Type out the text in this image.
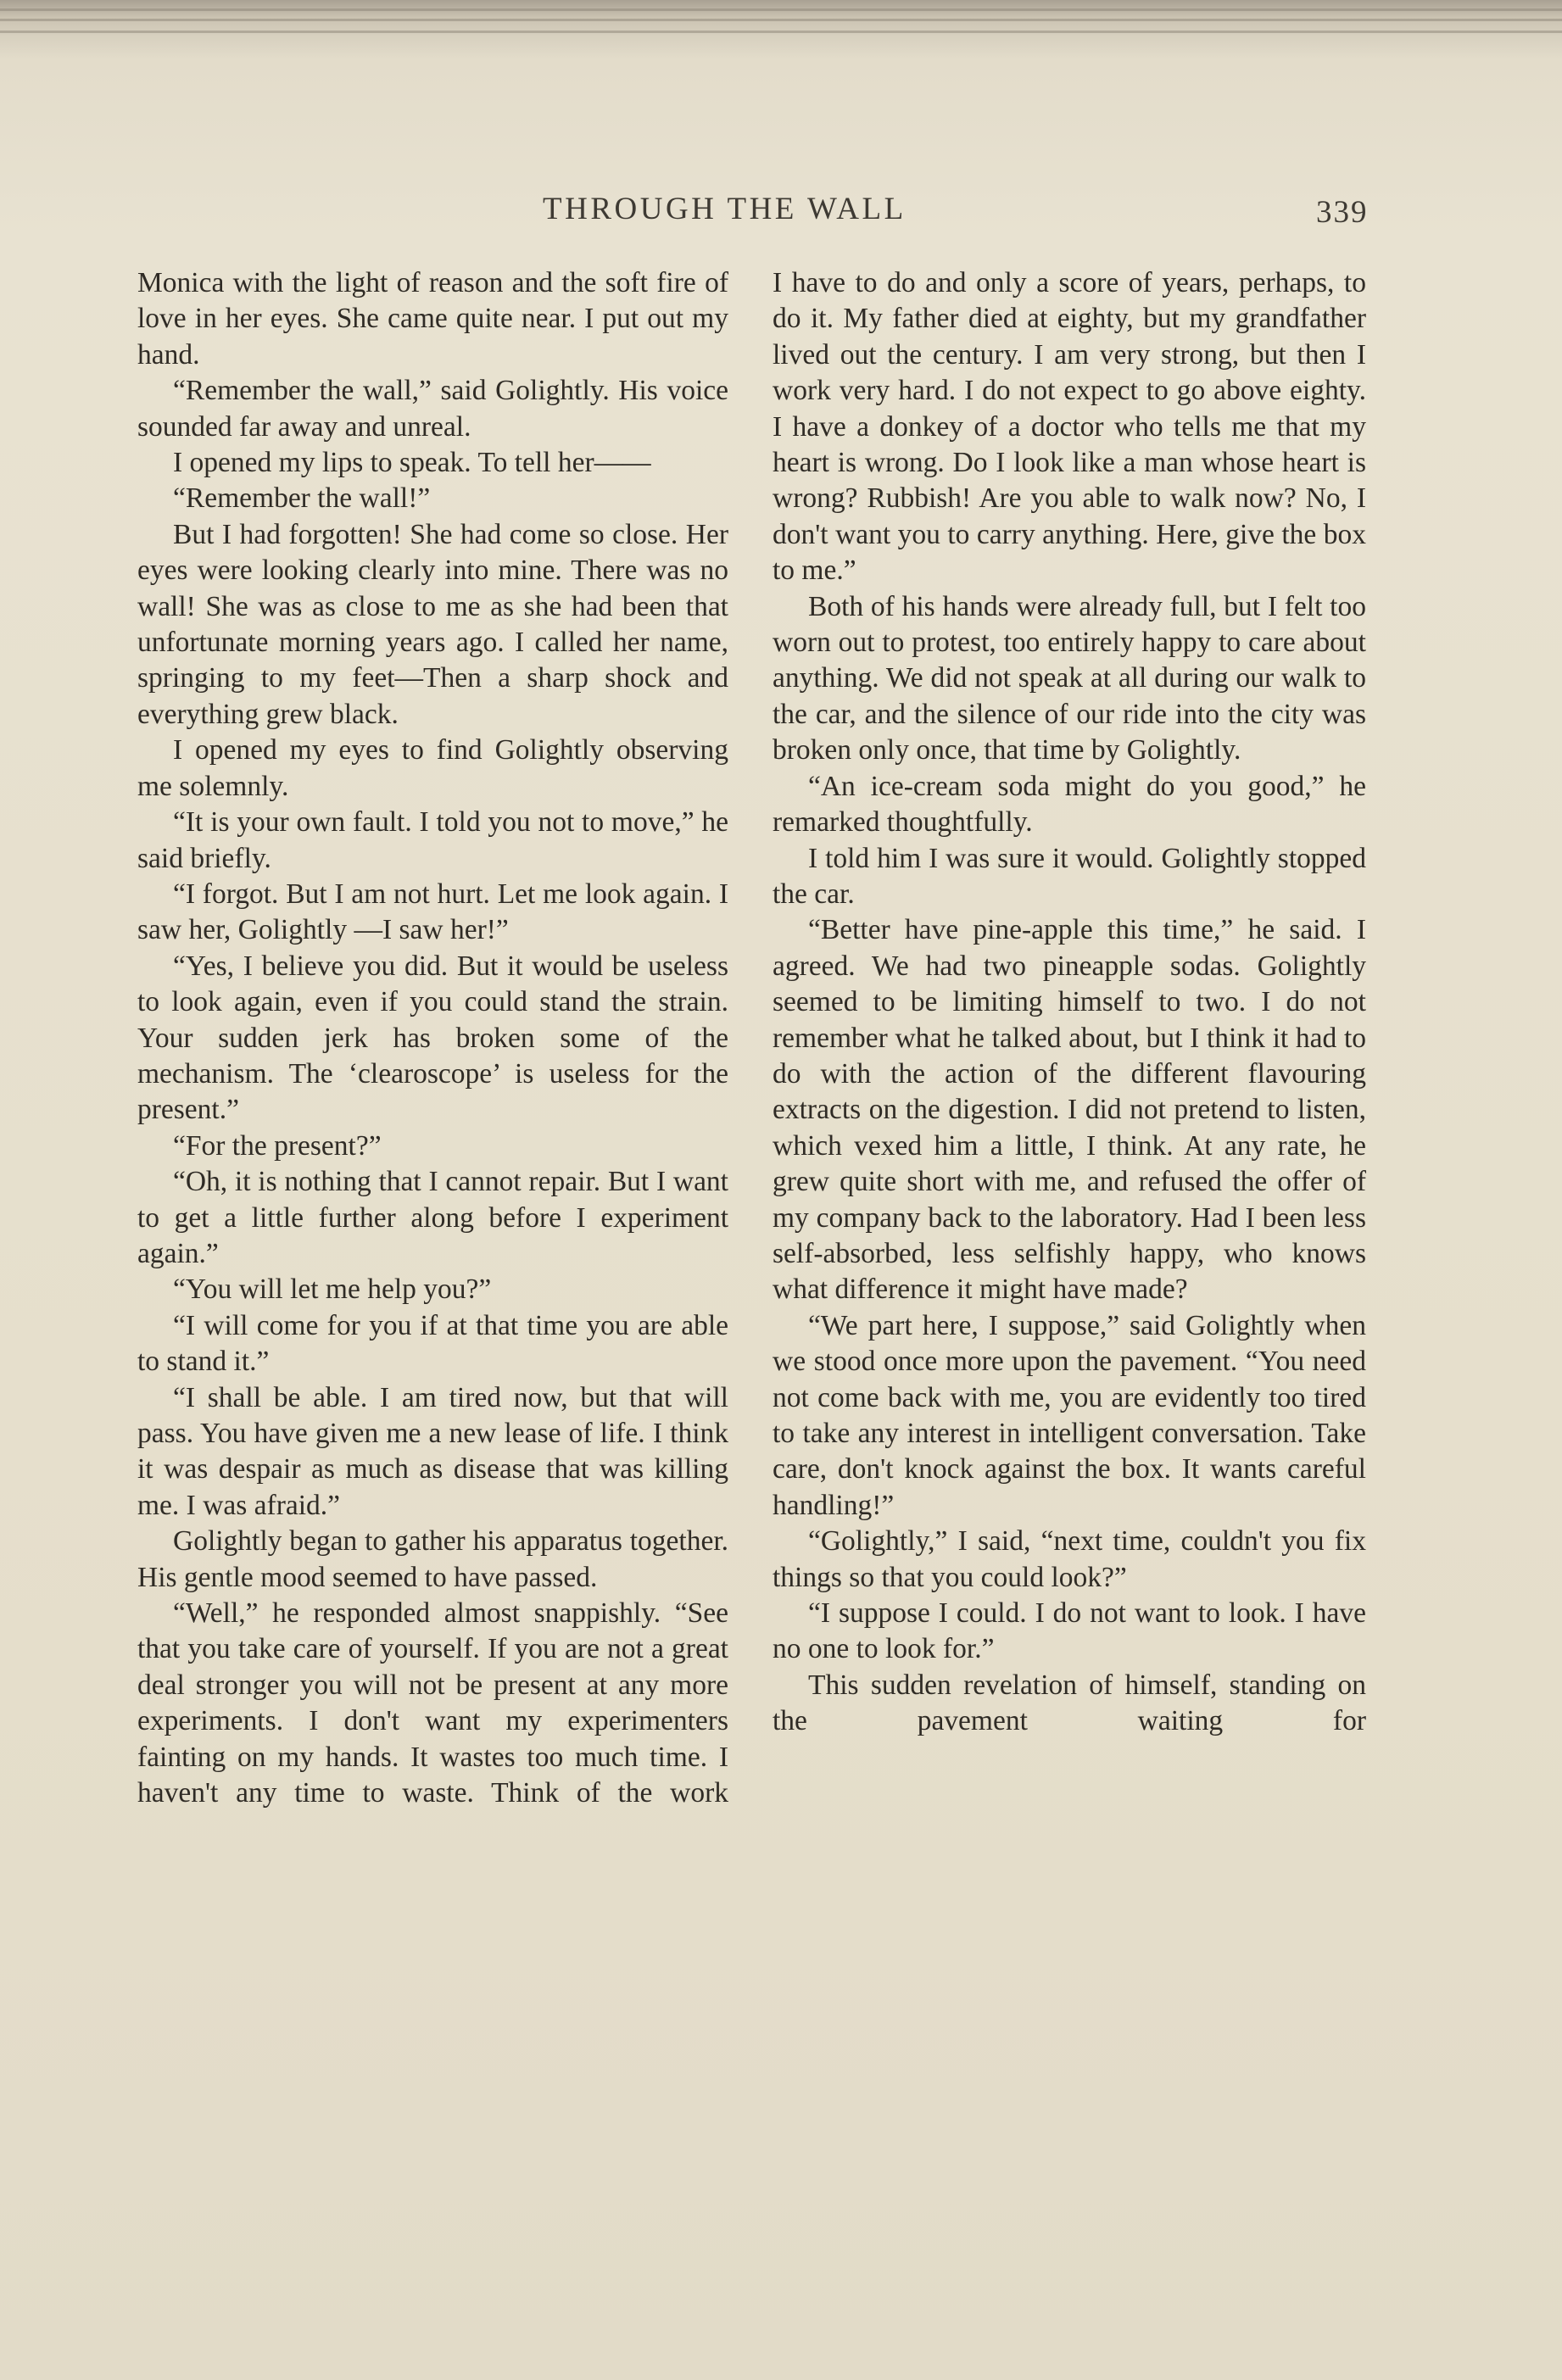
THROUGH THE WALL	339

Monica with the light of reason and the soft fire of love in her eyes. She came quite near. I put out my hand.

“Remember the wall,” said Golightly. His voice sounded far away and unreal.

I opened my lips to speak. To tell her——

“Remember the wall!”

But I had forgotten! She had come so close. Her eyes were looking clearly into mine. There was no wall! She was as close to me as she had been that unfortunate morning years ago. I called her name, springing to my feet—Then a sharp shock and everything grew black.

I opened my eyes to find Golightly observing me solemnly.

“It is your own fault. I told you not to move,” he said briefly.

“I forgot. But I am not hurt. Let me look again. I saw her, Golightly —I saw her!”

“Yes, I believe you did. But it would be useless to look again, even if you could stand the strain. Your sudden jerk has broken some of the mechanism. The ‘clearoscope’ is useless for the present.”

“For the present?”

“Oh, it is nothing that I cannot repair. But I want to get a little further along before I experiment again.”

“You will let me help you?”

“I will come for you if at that time you are able to stand it.”

“I shall be able. I am tired now, but that will pass. You have given me a new lease of life. I think it was despair as much as disease that was killing me. I was afraid.”

Golightly began to gather his apparatus together. His gentle mood seemed to have passed.

“Well,” he responded almost snappishly. “See that you take care of yourself. If you are not a great deal stronger you will not be present at any more experiments. I don't want my experimenters fainting on my hands. It wastes too much time. I haven't any time to waste. Think of the work

I have to do and only a score of years, perhaps, to do it. My father died at eighty, but my grandfather lived out the century. I am very strong, but then I work very hard. I do not expect to go above eighty. I have a donkey of a doctor who tells me that my heart is wrong. Do I look like a man whose heart is wrong? Rubbish! Are you able to walk now? No, I don't want you to carry anything. Here, give the box to me.”

Both of his hands were already full, but I felt too worn out to protest, too entirely happy to care about anything. We did not speak at all during our walk to the car, and the silence of our ride into the city was broken only once, that time by Golightly.

“An ice-cream soda might do you good,” he remarked thoughtfully.

I told him I was sure it would. Golightly stopped the car.

“Better have pine-apple this time,” he said. I agreed. We had two pineapple sodas. Golightly seemed to be limiting himself to two. I do not remember what he talked about, but I think it had to do with the action of the different flavouring extracts on the digestion. I did not pretend to listen, which vexed him a little, I think. At any rate, he grew quite short with me, and refused the offer of my company back to the laboratory. Had I been less self-absorbed, less selfishly happy, who knows what difference it might have made?

“We part here, I suppose,” said Golightly when we stood once more upon the pavement. “You need not come back with me, you are evidently too tired to take any interest in intelligent conversation. Take care, don't knock against the box. It wants careful handling!”

“Golightly,” I said, “next time, couldn't you fix things so that you could look?”

“I suppose I could. I do not want to look. I have no one to look for.”

This sudden revelation of himself, standing on the pavement waiting for
